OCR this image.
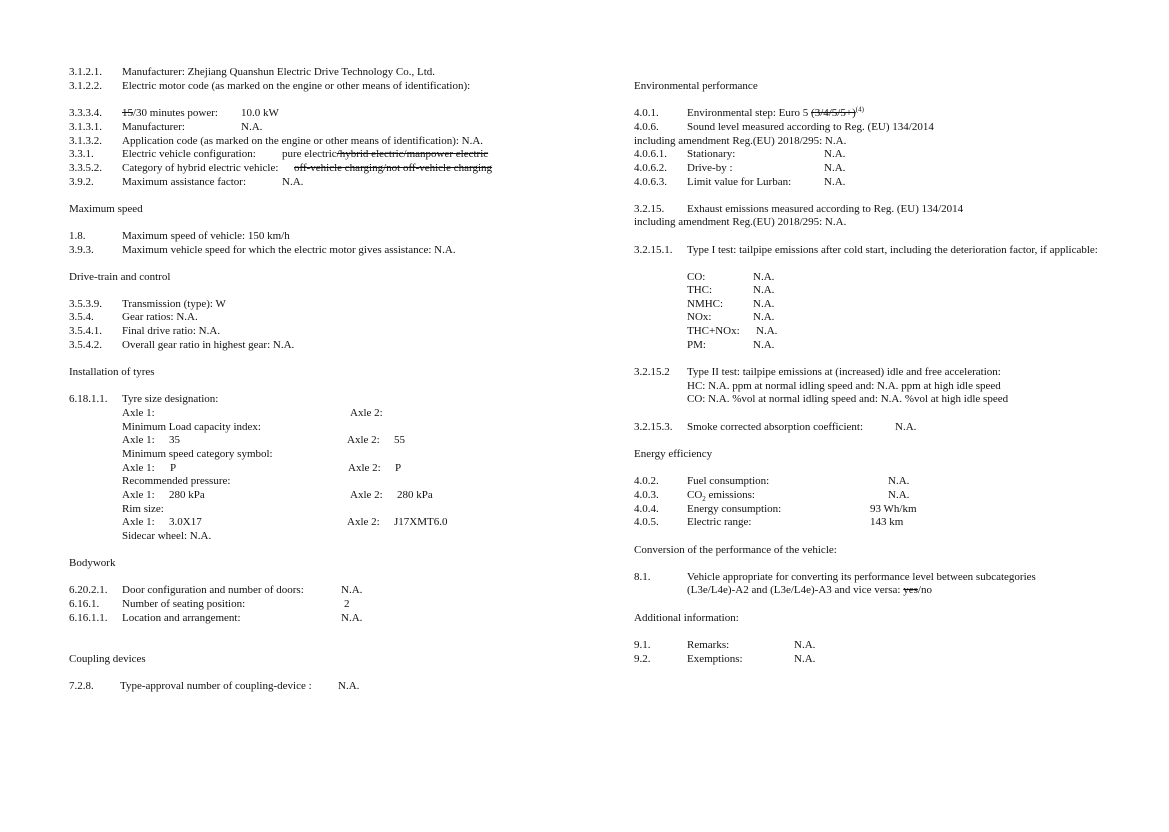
3.1.2.1. Manufacturer: Zhejiang Quanshun Electric Drive Technology Co., Ltd.
3.1.2.2. Electric motor code (as marked on the engine or other means of identification):
3.3.3.4. 15/30 minutes power: 10.0 kW
3.1.3.1. Manufacturer:	N.A.
3.1.3.2. Application code (as marked on the engine or other means of identification): N.A.
3.3.1.	Electric vehicle configuration: pure electric/hybrid electric/manpower electric
3.3.5.2. Category of hybrid electric vehicle: off-vehicle charging/not off-vehicle charging
3.9.2.	Maximum assistance factor:	N.A.
Maximum speed
1.8.	Maximum speed of vehicle: 150 km/h
3.9.3.	Maximum vehicle speed for which the electric motor gives assistance: N.A.
Drive-train and control
3.5.3.9. Transmission (type): W
3.5.4.	Gear ratios: N.A.
3.5.4.1. Final drive ratio: N.A.
3.5.4.2. Overall gear ratio in highest gear: N.A.
Installation of tyres
6.18.1.1. Tyre size designation:
Axle 1:	Axle 2:
Minimum Load capacity index:
Axle 1: 35	Axle 2: 55
Minimum speed category symbol:
Axle 1: P	Axle 2: P
Recommended pressure:
Axle 1: 280 kPa	Axle 2: 280 kPa
Rim size:
Axle 1: 3.0X17	Axle 2: J17XMT6.0
Sidecar wheel: N.A.
Bodywork
6.20.2.1. Door configuration and number of doors:	N.A.
6.16.1. Number of seating position:	2
6.16.1.1. Location and arrangement:	N.A.
Coupling devices
7.2.8. Type-approval number of coupling-device : N.A.
Environmental performance
4.0.1.	Environmental step: Euro 5 $(3/4/5/5+)^{(4)}$
4.0.6.	Sound level measured according to Reg. (EU) 134/2014
including amendment Reg.(EU) 2018/295: N.A.
4.0.6.1. Stationary:	N.A.
4.0.6.2. Drive-by :	N.A.
4.0.6.3. Limit value for Lurban:	N.A.
3.2.15. Exhaust emissions measured according to Reg. (EU) 134/2014
including amendment Reg.(EU) 2018/295: N.A.
3.2.15.1. Type I test: tailpipe emissions after cold start, including the deterioration factor, if applicable:
CO:	N.A.
THC:	N.A.
NMHC:	N.A.
NOx:	N.A.
THC+NOx: N.A.
PM:	N.A.
3.2.15.2 Type II test: tailpipe emissions at (increased) idle and free acceleration:
HC: N.A. ppm at normal idling speed and: N.A. ppm at high idle speed
CO: N.A. %vol at normal idling speed and: N.A. %vol at high idle speed
3.2.15.3. Smoke corrected absorption coefficient:	N.A.
Energy efficiency
4.0.2.	Fuel consumption:	N.A.
4.0.3.	$CO_2$ emissions:	N.A.
4.0.4.	Energy consumption:	93 Wh/km
4.0.5.	Electric range:	143 km
Conversion of the performance of the vehicle:
8.1.	Vehicle appropriate for converting its performance level between subcategories
(L3e/L4e)-A2 and (L3e/L4e)-A3 and vice versa: yes/no
Additional information:
9.1.	Remarks:	N.A.
9.2.	Exemptions:	N.A.
